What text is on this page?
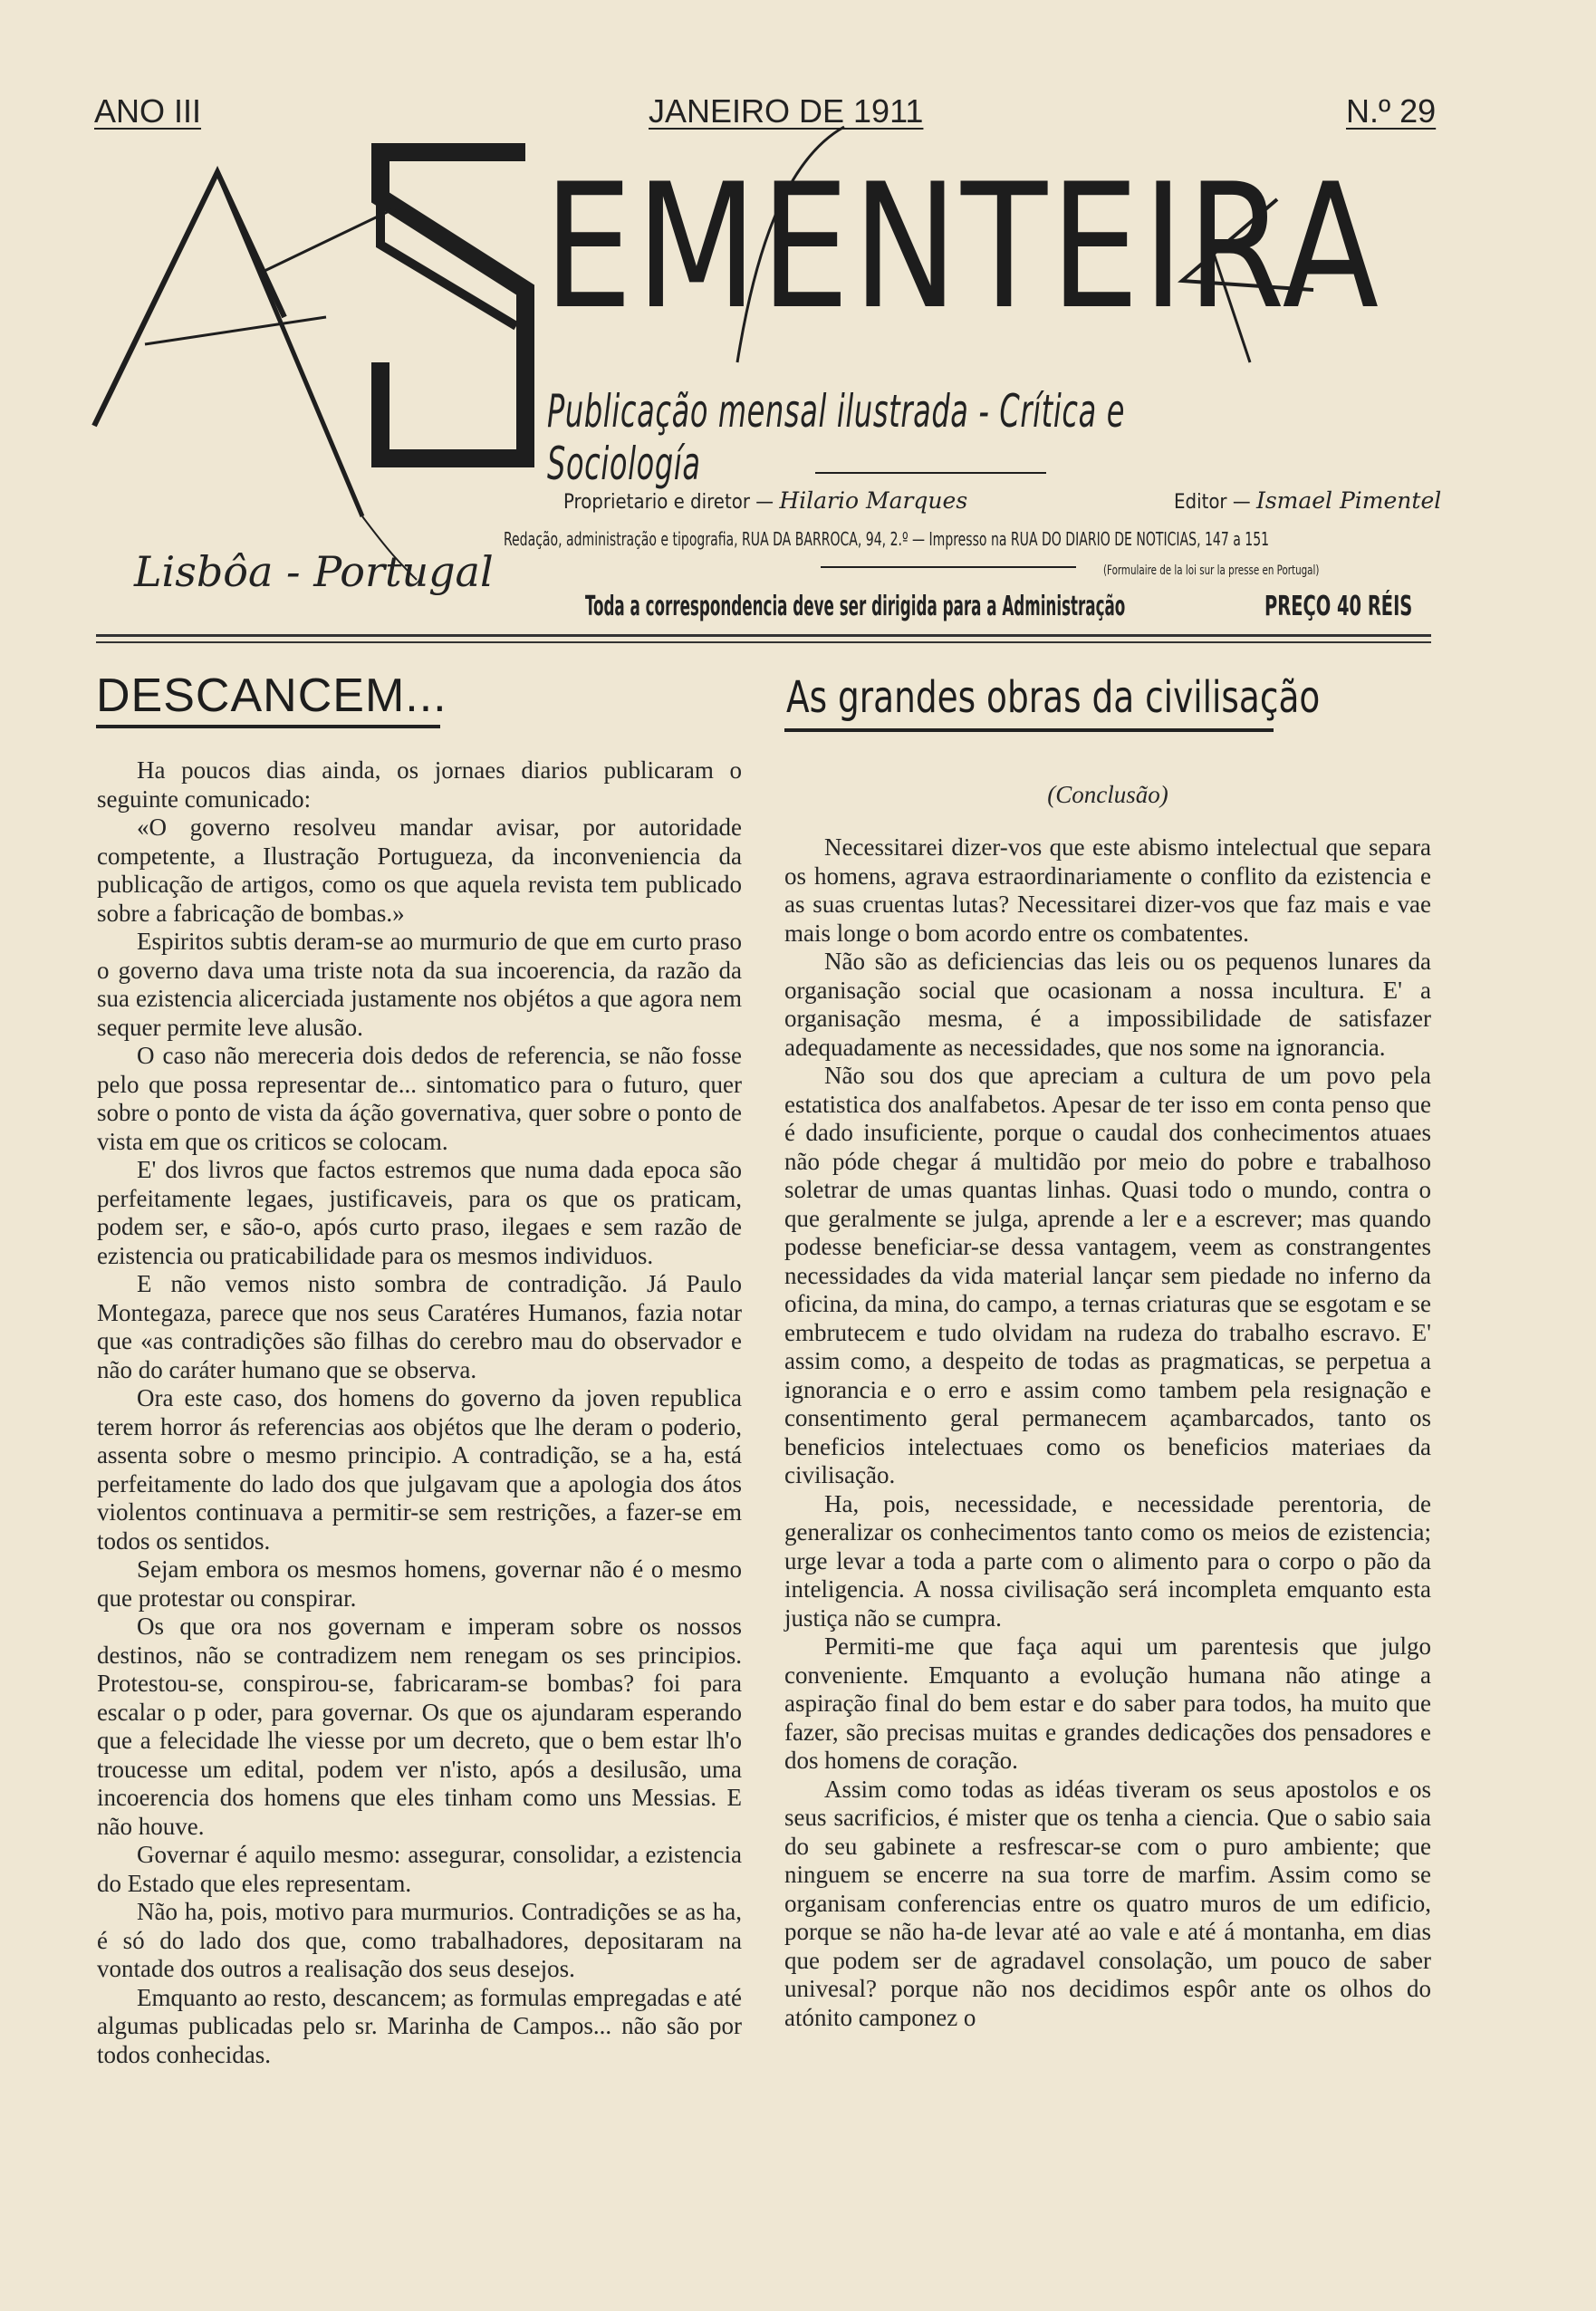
ANO III	JANEIRO DE 1911	N.º 29
EMENTEIRA
Publicação mensal ilustrada - Crítica e Sociología
Proprietario e diretor — Hilario Marques	Editor — Ismael Pimentel
Redação, administração e tipografia, RUA DA BARROCA, 94, 2.º — Impresso na RUA DO DIARIO DE NOTICIAS, 147 a 151
(Formulaire de la loi sur la presse en Portugal)
Toda a correspondencia deve ser dirigida para a Administração	PREÇO 40 RÉIS
Lisbôa - Portugal
DESCANCEM...

Ha poucos dias ainda, os jornaes diarios publicaram o seguinte comunicado:

«O governo resolveu mandar avisar, por autoridade competente, a Ilustração Portugueza, da inconveniencia da publicação de artigos, como os que aquela revista tem publicado sobre a fabricação de bombas.»

Espiritos subtis deram-se ao murmurio de que em curto praso o governo dava uma triste nota da sua incoerencia, da razão da sua ezistencia alicerciada justamente nos objétos a que agora nem sequer permite leve alusão.

O caso não mereceria dois dedos de referencia, se não fosse pelo que possa representar de... sintomatico para o futuro, quer sobre o ponto de vista da áção governativa, quer sobre o ponto de vista em que os criticos se colocam.

E' dos livros que factos estremos que numa dada epoca são perfeitamente legaes, justificaveis, para os que os praticam, podem ser, e são-o, após curto praso, ilegaes e sem razão de ezistencia ou praticabilidade para os mesmos individuos.

E não vemos nisto sombra de contradição. Já Paulo Montegaza, parece que nos seus Caratéres Humanos, fazia notar que «as contradições são filhas do cerebro mau do observador e não do caráter humano que se observa.

Ora este caso, dos homens do governo da joven republica terem horror ás referencias aos objétos que lhe deram o poderio, assenta sobre o mesmo principio. A contradição, se a ha, está perfeitamente do lado dos que julgavam que a apologia dos átos violentos continuava a permitir-se sem restrições, a fazer-se em todos os sentidos.

Sejam embora os mesmos homens, governar não é o mesmo que protestar ou conspirar.

Os que ora nos governam e imperam sobre os nossos destinos, não se contradizem nem renegam os ses principios. Protestou-se, conspirou-se, fabricaram-se bombas? foi para escalar o p oder, para governar. Os que os ajundaram esperando que a felecidade lhe viesse por um decreto, que o bem estar lh'o troucesse um edital, podem ver n'isto, após a desilusão, uma incoerencia dos homens que eles tinham como uns Messias. E não houve.

Governar é aquilo mesmo: assegurar, consolidar, a ezistencia do Estado que eles representam.

Não ha, pois, motivo para murmurios. Contradições se as ha, é só do lado dos que, como trabalhadores, depositaram na vontade dos outros a realisação dos seus desejos.

Emquanto ao resto, descancem; as formulas empregadas e até algumas publicadas pelo sr. Marinha de Campos... não são por todos conhecidas.

As grandes obras da civilisação
(Conclusão)

Necessitarei dizer-vos que este abismo intelectual que separa os homens, agrava estraordinariamente o conflito da ezistencia e as suas cruentas lutas? Necessitarei dizer-vos que faz mais e vae mais longe o bom acordo entre os combatentes.

Não são as deficiencias das leis ou os pequenos lunares da organisação social que ocasionam a nossa incultura. E' a organisação mesma, é a impossibilidade de satisfazer adequadamente as necessidades, que nos some na ignorancia.

Não sou dos que apreciam a cultura de um povo pela estatistica dos analfabetos. Apesar de ter isso em conta penso que é dado insuficiente, porque o caudal dos conhecimentos atuaes não póde chegar á multidão por meio do pobre e trabalhoso soletrar de umas quantas linhas. Quasi todo o mundo, contra o que geralmente se julga, aprende a ler e a escrever; mas quando podesse beneficiar-se dessa vantagem, veem as constrangentes necessidades da vida material lançar sem piedade no inferno da oficina, da mina, do campo, a ternas criaturas que se esgotam e se embrutecem e tudo olvidam na rudeza do trabalho escravo. E' assim como, a despeito de todas as pragmaticas, se perpetua a ignorancia e o erro e assim como tambem pela resignação e consentimento geral permanecem açambarcados, tanto os beneficios intelectuaes como os beneficios materiaes da civilisação.

Ha, pois, necessidade, e necessidade perentoria, de generalizar os conhecimentos tanto como os meios de ezistencia; urge levar a toda a parte com o alimento para o corpo o pão da inteligencia. A nossa civilisação será incompleta emquanto esta justiça não se cumpra.

Permiti-me que faça aqui um parentesis que julgo conveniente. Emquanto a evolução humana não atinge a aspiração final do bem estar e do saber para todos, ha muito que fazer, são precisas muitas e grandes dedicações dos pensadores e dos homens de coração.

Assim como todas as idéas tiveram os seus apostolos e os seus sacrificios, é mister que os tenha a ciencia. Que o sabio saia do seu gabinete a resfrescar-se com o puro ambiente; que ninguem se encerre na sua torre de marfim. Assim como se organisam conferencias entre os quatro muros de um edificio, porque se não ha-de levar até ao vale e até á montanha, em dias que podem ser de agradavel consolação, um pouco de saber univesal? porque não nos decidimos espôr ante os olhos do atónito camponez o
